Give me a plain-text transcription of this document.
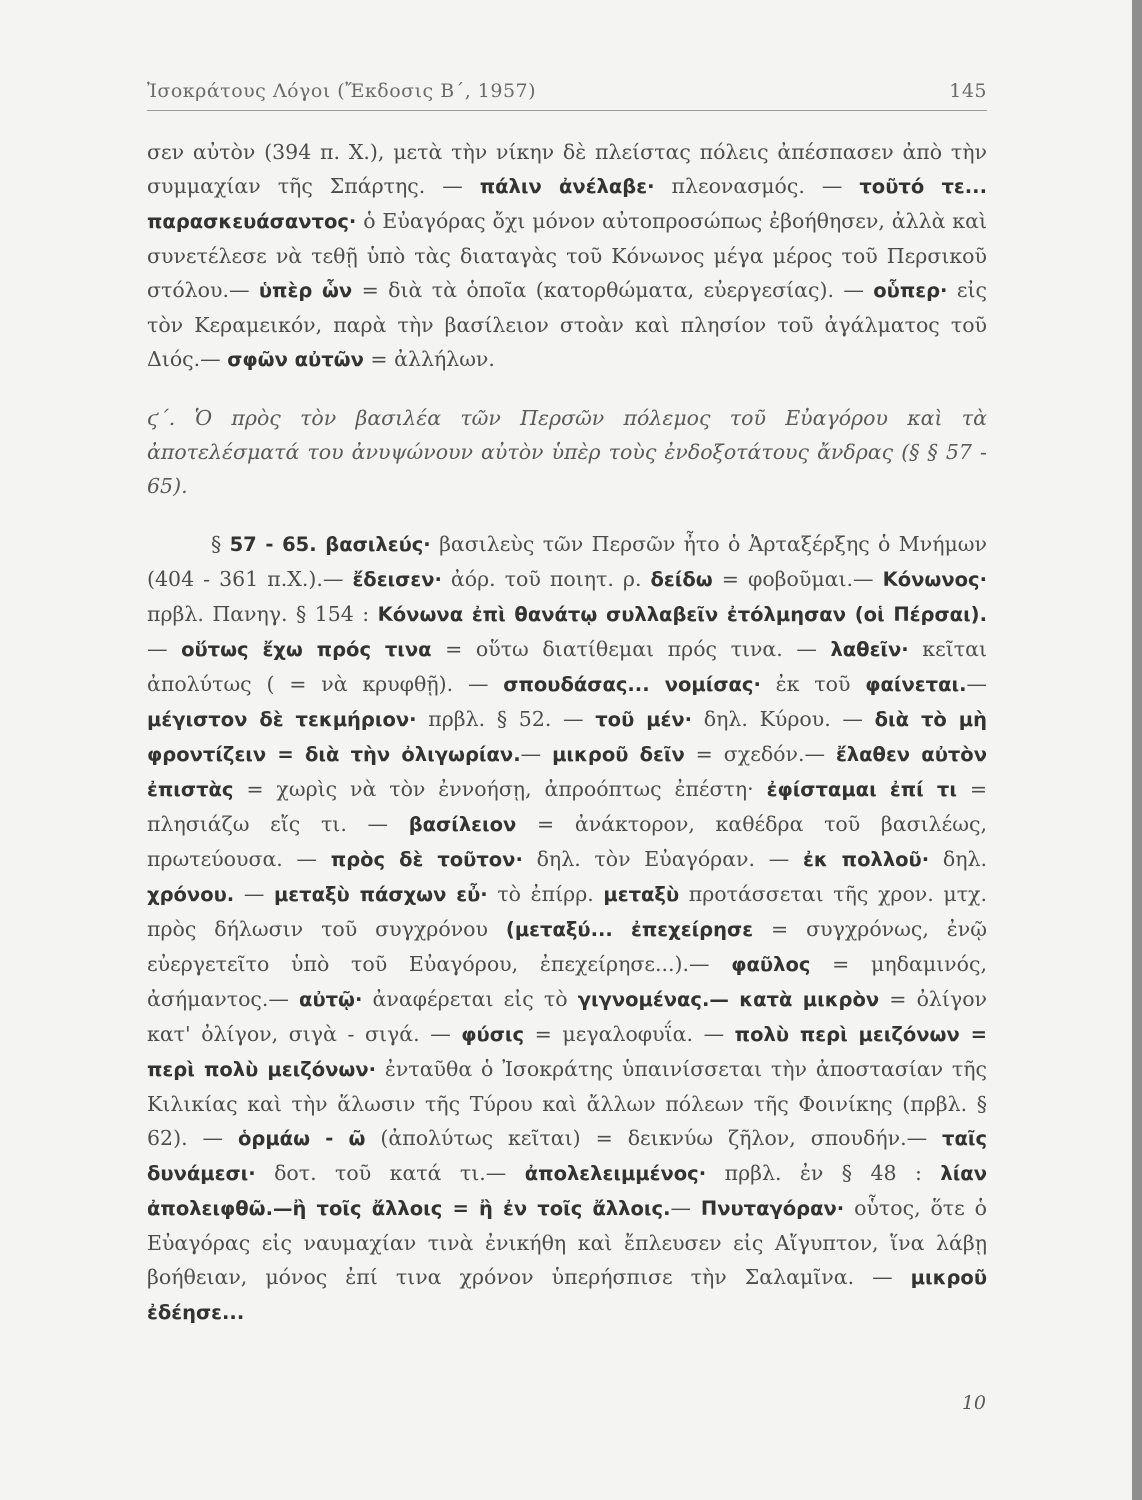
Ἰσοκράτους Λόγοι (Ἔκδοσις Β΄, 1957)	145

σεν αὐτὸν (394 π. Χ.), μετὰ τὴν νίκην δὲ πλείστας πόλεις ἀπέσπασεν ἀπὸ τὴν συμμαχίαν τῆς Σπάρτης. — πάλιν ἀνέλαβε· πλεονασμός. — τοῦτό τε... παρασκευάσαντος· ὁ Εὐαγόρας ὄχι μόνον αὐτοπροσώπως ἐβοήθησεν, ἀλλὰ καὶ συνετέλεσε νὰ τεθῇ ὑπὸ τὰς διαταγὰς τοῦ Κόνωνος μέγα μέρος τοῦ Περσικοῦ στόλου.— ὑπὲρ ὧν = διὰ τὰ ὁποῖα (κατορθώματα, εὐεργεσίας). — οὗπερ· εἰς τὸν Κεραμεικόν, παρὰ τὴν βασίλειον στοὰν καὶ πλησίον τοῦ ἀγάλματος τοῦ Διός.— σφῶν αὐτῶν = ἀλλήλων.

ϛ΄. Ὁ πρὸς τὸν βασιλέα τῶν Περσῶν πόλεμος τοῦ Εὐαγόρου καὶ τὰ ἀποτελέσματά του ἀνυψώνουν αὐτὸν ὑπὲρ τοὺς ἐνδοξοτάτους ἄνδρας (§ § 57 - 65).

§ 57 - 65. βασιλεύς· βασιλεὺς τῶν Περσῶν ἦτο ὁ Ἀρταξέρξης ὁ Μνήμων (404 - 361 π.Χ.).— ἔδεισεν· ἀόρ. τοῦ ποιητ. ρ. δείδω = φοβοῦμαι.— Κόνωνος· πρβλ. Πανηγ. § 154 : Κόνωνα ἐπὶ θανάτῳ συλλαβεῖν ἐτόλμησαν (οἱ Πέρσαι). — οὕτως ἔχω πρός τινα = οὕτω διατίθεμαι πρός τινα. — λαθεῖν· κεῖται ἀπολύτως ( = νὰ κρυφθῇ). — σπουδάσας... νομίσας· ἐκ τοῦ φαίνεται.— μέγιστον δὲ τεκμήριον· πρβλ. § 52. — τοῦ μέν· δηλ. Κύρου. — διὰ τὸ μὴ φροντίζειν = διὰ τὴν ὀλιγωρίαν.— μικροῦ δεῖν = σχεδόν.— ἔλαθεν αὐτὸν ἐπιστὰς = χωρὶς νὰ τὸν ἐννοήσῃ, ἀπροόπτως ἐπέστη· ἐφίσταμαι ἐπί τι = πλησιάζω εἴς τι. — βασίλειον = ἀνάκτορον, καθέδρα τοῦ βασιλέως, πρωτεύουσα. — πρὸς δὲ τοῦτον· δηλ. τὸν Εὐαγόραν. — ἐκ πολλοῦ· δηλ. χρόνου. — μεταξὺ πάσχων εὖ· τὸ ἐπίρρ. μεταξὺ προτάσσεται τῆς χρον. μτχ. πρὸς δήλωσιν τοῦ συγχρόνου (μεταξύ... ἐπεχείρησε = συγχρόνως, ἐνῷ εὐεργετεῖτο ὑπὸ τοῦ Εὐαγόρου, ἐπεχείρησε...).— φαῦλος = μηδαμινός, ἀσήμαντος.— αὐτῷ· ἀναφέρεται εἰς τὸ γιγνομένας.— κατὰ μικρὸν = ὀλίγον κατ' ὀλίγον, σιγὰ - σιγά. — φύσις = μεγαλοφυΐα. — πολὺ περὶ μειζόνων = περὶ πολὺ μειζόνων· ἐνταῦθα ὁ Ἰσοκράτης ὑπαινίσσεται τὴν ἀποστασίαν τῆς Κιλικίας καὶ τὴν ἅλωσιν τῆς Τύρου καὶ ἄλλων πόλεων τῆς Φοινίκης (πρβλ. § 62). — ὁρμάω - ῶ (ἀπολύτως κεῖται) = δεικνύω ζῆλον, σπουδήν.— ταῖς δυνάμεσι· δοτ. τοῦ κατά τι.— ἀπολελειμμένος· πρβλ. ἐν § 48 : λίαν ἀπολειφθῶ.—ἢ τοῖς ἄλλοις = ἢ ἐν τοῖς ἄλλοις.— Πνυταγόραν· οὗτος, ὅτε ὁ Εὐαγόρας εἰς ναυμαχίαν τινὰ ἐνικήθη καὶ ἔπλευσεν εἰς Αἴγυπτον, ἵνα λάβῃ βοήθειαν, μόνος ἐπί τινα χρόνον ὑπερήσπισε τὴν Σαλαμῖνα. — μικροῦ ἐδέησε...

10
